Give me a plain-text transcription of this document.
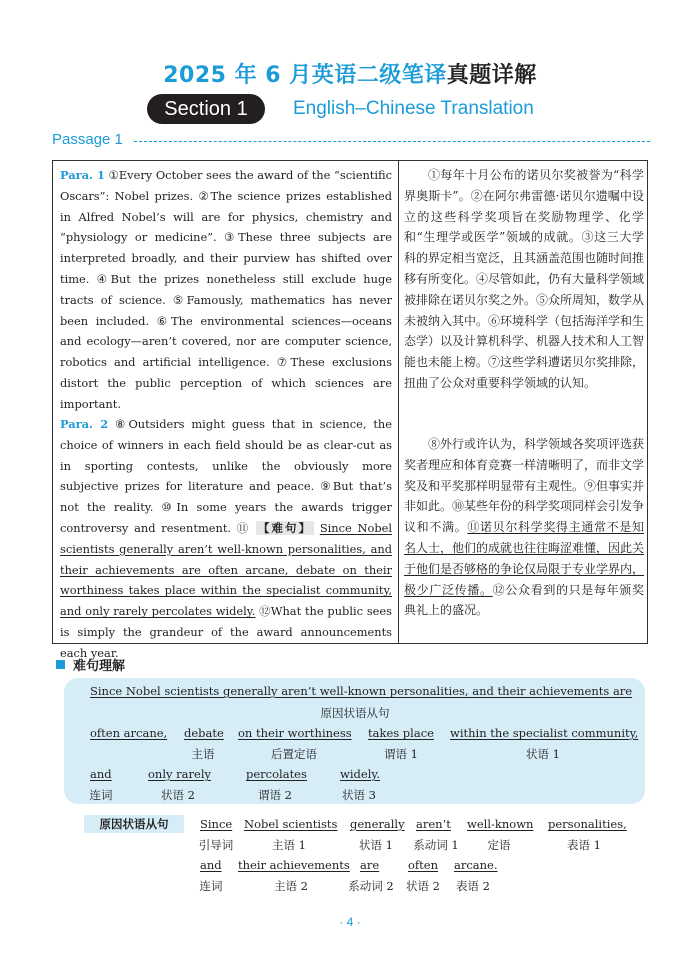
2025 年 6 月英语二级笔译真题详解
Section 1	English–Chinese Translation
Passage 1
Para. 1 ①Every October sees the award of the “scientific Oscars”: Nobel prizes. ②The science prizes established in Alfred Nobel’s will are for physics, chemistry and “physiology or medicine”. ③These three subjects are interpreted broadly, and their purview has shifted over time. ④But the prizes nonetheless still exclude huge tracts of science. ⑤Famously, mathematics has never been included. ⑥The environmental sciences—oceans and ecology—aren’t covered, nor are computer science, robotics and artificial intelligence. ⑦These exclusions distort the public perception of which sciences are important.
Para. 2 ⑧Outsiders might guess that in science, the choice of winners in each field should be as clear-cut as in sporting contests, unlike the obviously more subjective prizes for literature and peace. ⑨But that’s not the reality. ⑩In some years the awards trigger controversy and resentment. ⑪ 【难句】 Since Nobel scientists generally aren’t well-known personalities, and their achievements are often arcane, debate on their worthiness takes place within the specialist community, and only rarely percolates widely. ⑫What the public sees is simply the grandeur of the award announcements each year.
①每年十月公布的诺贝尔奖被誉为“科学界奥斯卡”。②在阿尔弗雷德·诺贝尔遗嘱中设立的这些科学奖项旨在奖励物理学、化学和“生理学或医学”领域的成就。③这三大学科的界定相当宽泛，且其涵盖范围也随时间推移有所变化。④尽管如此，仍有大量科学领域被排除在诺贝尔奖之外。⑤众所周知，数学从未被纳入其中。⑥环境科学（包括海洋学和生态学）以及计算机科学、机器人技术和人工智能也未能上榜。⑦这些学科遭诺贝尔奖排除，扭曲了公众对重要科学领域的认知。
⑧外行或许认为，科学领域各奖项评选获奖者理应和体育竞赛一样清晰明了，而非文学奖及和平奖那样明显带有主观性。⑨但事实并非如此。⑩某些年份的科学奖项同样会引发争议和不满。⑪诺贝尔科学奖得主通常不是知名人士，他们的成就也往往晦涩难懂，因此关于他们是否够格的争论仅局限于专业学界内，极少广泛传播。⑫公众看到的只是每年颁奖典礼上的盛况。
难句理解
Since Nobel scientists generally aren’t well-known personalities, and their achievements are
原因状语从句
often arcane, debate
主语
on their worthiness
后置定语
takes place
谓语 1
within the specialist community,
状语 1
and
连词
only rarely
状语 2
percolates
谓语 2
widely.
状语 3
原因状语从句	Since
引导词
Nobel scientists
主语 1
generally
状语 1
aren’t
系动词 1
well-known
定语
personalities,
表语 1
and
连词
their achievements
主语 2
are
系动词 2
often
状语 2
arcane.
表语 2
· 4 ·
